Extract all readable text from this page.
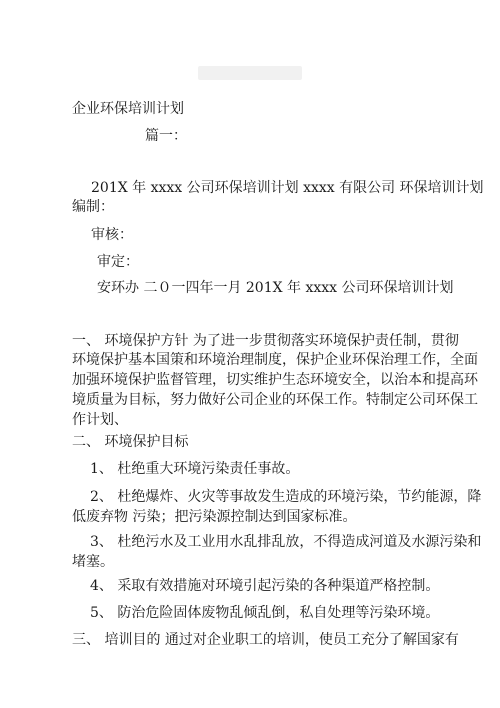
企业环保培训计划
篇一：
201X 年 xxxx 公司环保培训计划 xxxx 有限公司 环保培训计划
编制：
审核：
审定：
安环办 二０一四年一月 201X 年 xxxx 公司环保培训计划
一、 环境保护方针 为了进一步贯彻落实环境保护责任制，贯彻
环境保护基本国策和环境治理制度，保护企业环保治理工作，全面
加强环境保护监督管理，切实维护生态环境安全，以治本和提高环
境质量为目标，努力做好公司企业的环保工作。特制定公司环保工
作计划、
二、 环境保护目标
1、 杜绝重大环境污染责任事故。
2、 杜绝爆炸、火灾等事故发生造成的环境污染，节约能源，降
低废弃物 污染；把污染源控制达到国家标准。
3、 杜绝污水及工业用水乱排乱放，不得造成河道及水源污染和
堵塞。
4、 采取有效措施对环境引起污染的各种渠道严格控制。
5、 防治危险固体废物乱倾乱倒，私自处理等污染环境。
三、 培训目的 通过对企业职工的培训，使员工充分了解国家有
